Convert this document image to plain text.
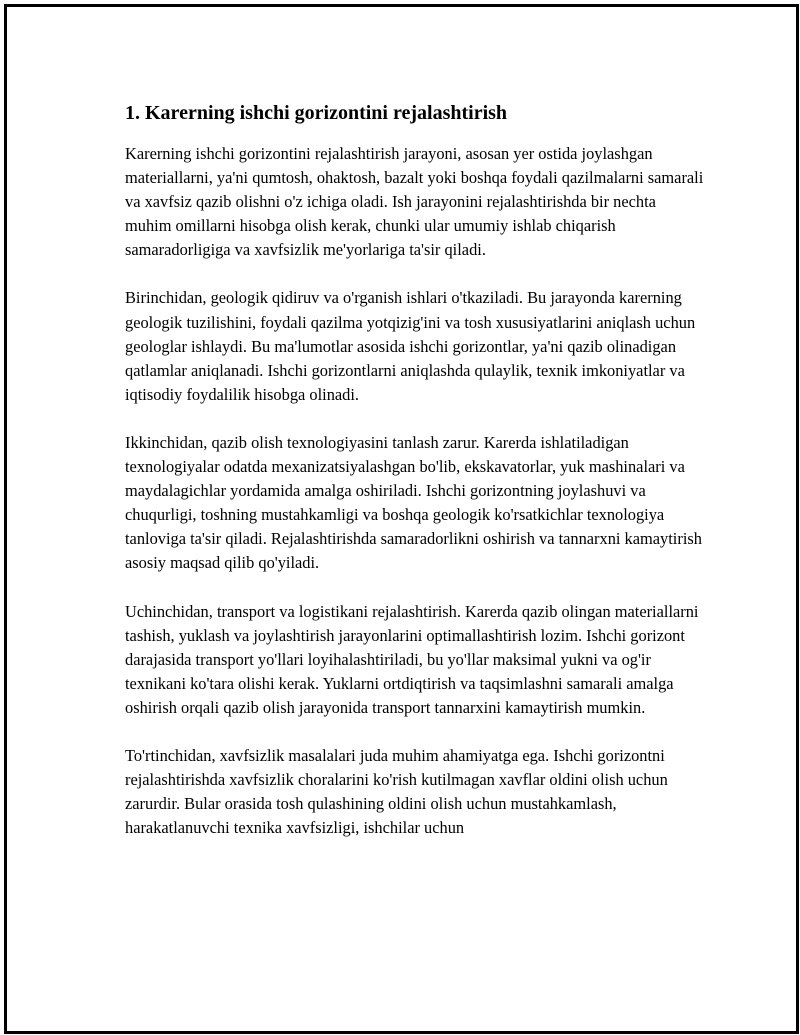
1. Karerning ishchi gorizontini rejalashtirish

Karerning ishchi gorizontini rejalashtirish jarayoni, asosan yer ostida joylashgan materiallarni, ya'ni qumtosh, ohaktosh, bazalt yoki boshqa foydali qazilmalarni samarali va xavfsiz qazib olishni o'z ichiga oladi. Ish jarayonini rejalashtirishda bir nechta muhim omillarni hisobga olish kerak, chunki ular umumiy ishlab chiqarish samaradorligiga va xavfsizlik me'yorlariga ta'sir qiladi.

Birinchidan, geologik qidiruv va o'rganish ishlari o'tkaziladi. Bu jarayonda karerning geologik tuzilishini, foydali qazilma yotqizig'ini va tosh xususiyatlarini aniqlash uchun geologlar ishlaydi. Bu ma'lumotlar asosida ishchi gorizontlar, ya'ni qazib olinadigan qatlamlar aniqlanadi. Ishchi gorizontlarni aniqlashda qulaylik, texnik imkoniyatlar va iqtisodiy foydalilik hisobga olinadi.

Ikkinchidan, qazib olish texnologiyasini tanlash zarur. Karerda ishlatiladigan texnologiyalar odatda mexanizatsiyalashgan bo'lib, ekskavatorlar, yuk mashinalari va maydalagichlar yordamida amalga oshiriladi. Ishchi gorizontning joylashuvi va chuqurligi, toshning mustahkamligi va boshqa geologik ko'rsatkichlar texnologiya tanloviga ta'sir qiladi. Rejalashtirishda samaradorlikni oshirish va tannarxni kamaytirish asosiy maqsad qilib qo'yiladi.

Uchinchidan, transport va logistikani rejalashtirish. Karerda qazib olingan materiallarni tashish, yuklash va joylashtirish jarayonlarini optimallashtirish lozim. Ishchi gorizont darajasida transport yo'llari loyihalashtiriladi, bu yo'llar maksimal yukni va og'ir texnikani ko'tara olishi kerak. Yuklarni ortdiqtirish va taqsimlashni samarali amalga oshirish orqali qazib olish jarayonida transport tannarxini kamaytirish mumkin.

To'rtinchidan, xavfsizlik masalalari juda muhim ahamiyatga ega. Ishchi gorizontni rejalashtirishda xavfsizlik choralarini ko'rish kutilmagan xavflar oldini olish uchun zarurdir. Bular orasida tosh qulashining oldini olish uchun mustahkamlash, harakatlanuvchi texnika xavfsizligi, ishchilar uchun
